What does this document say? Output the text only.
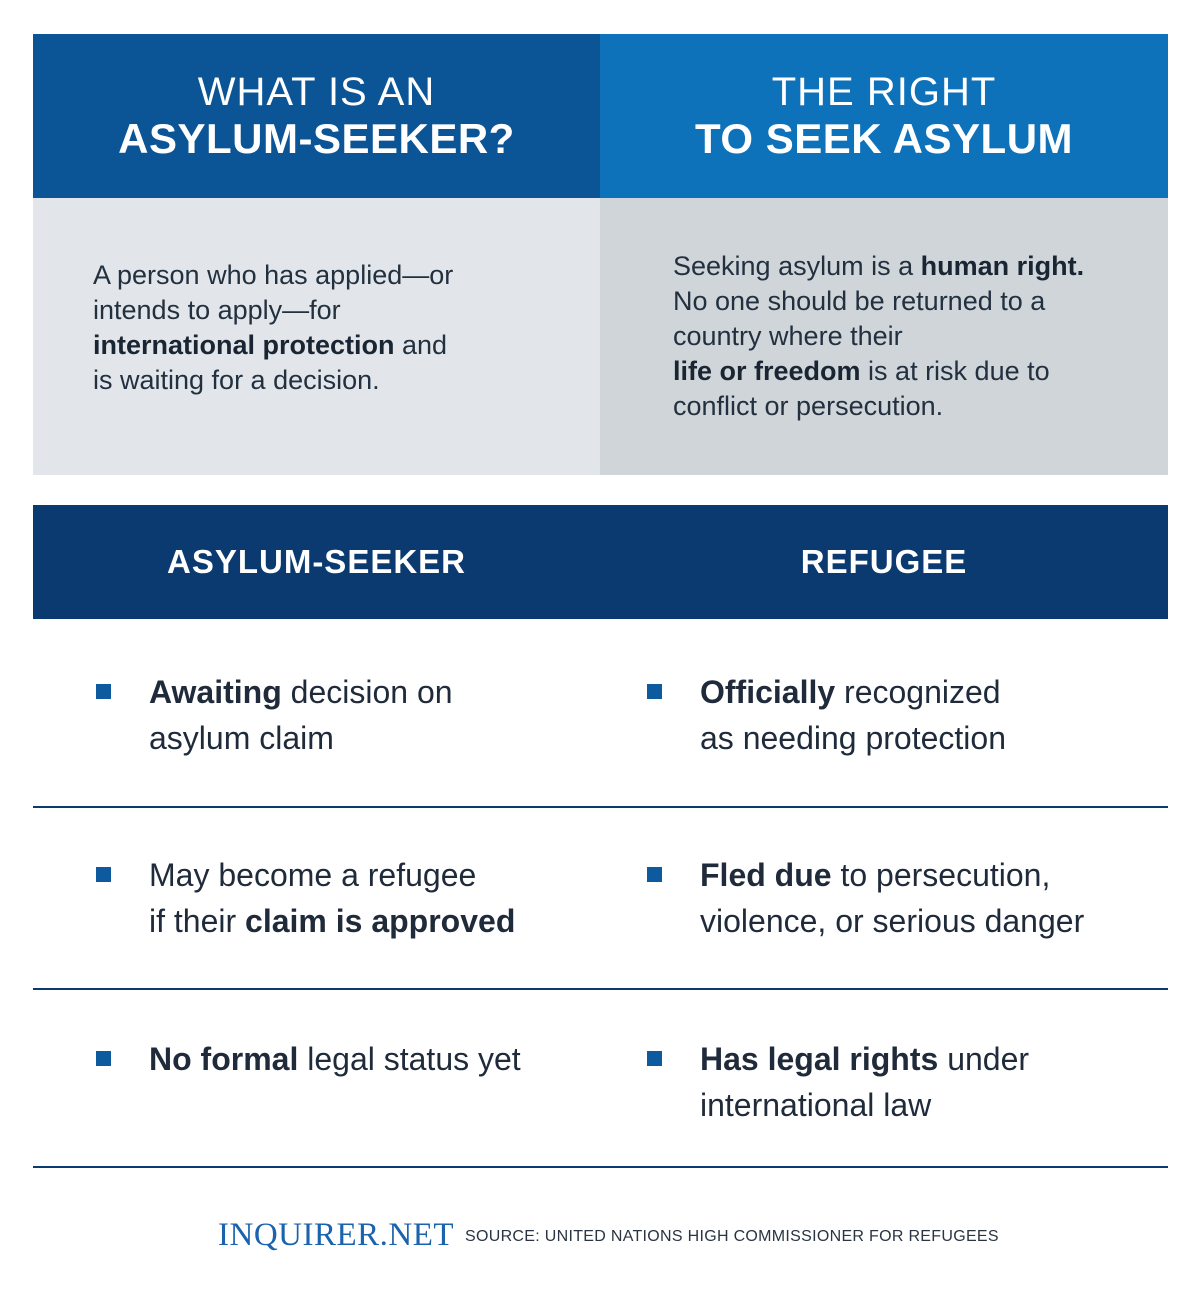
WHAT IS AN
ASYLUM-SEEKER?
THE RIGHT
TO SEEK ASYLUM
A person who has applied—or
intends to apply—for
international protection and
is waiting for a decision.
Seeking asylum is a human right.
No one should be returned to a
country where their
life or freedom is at risk due to
conflict or persecution.
ASYLUM-SEEKER	REFUGEE
Awaiting decision on
asylum claim
Officially recognized
as needing protection
May become a refugee
if their claim is approved
Fled due to persecution,
violence, or serious danger
No formal legal status yet	Has legal rights under
international law
INQUIRER.NET SOURCE: UNITED NATIONS HIGH COMMISSIONER FOR REFUGEES
